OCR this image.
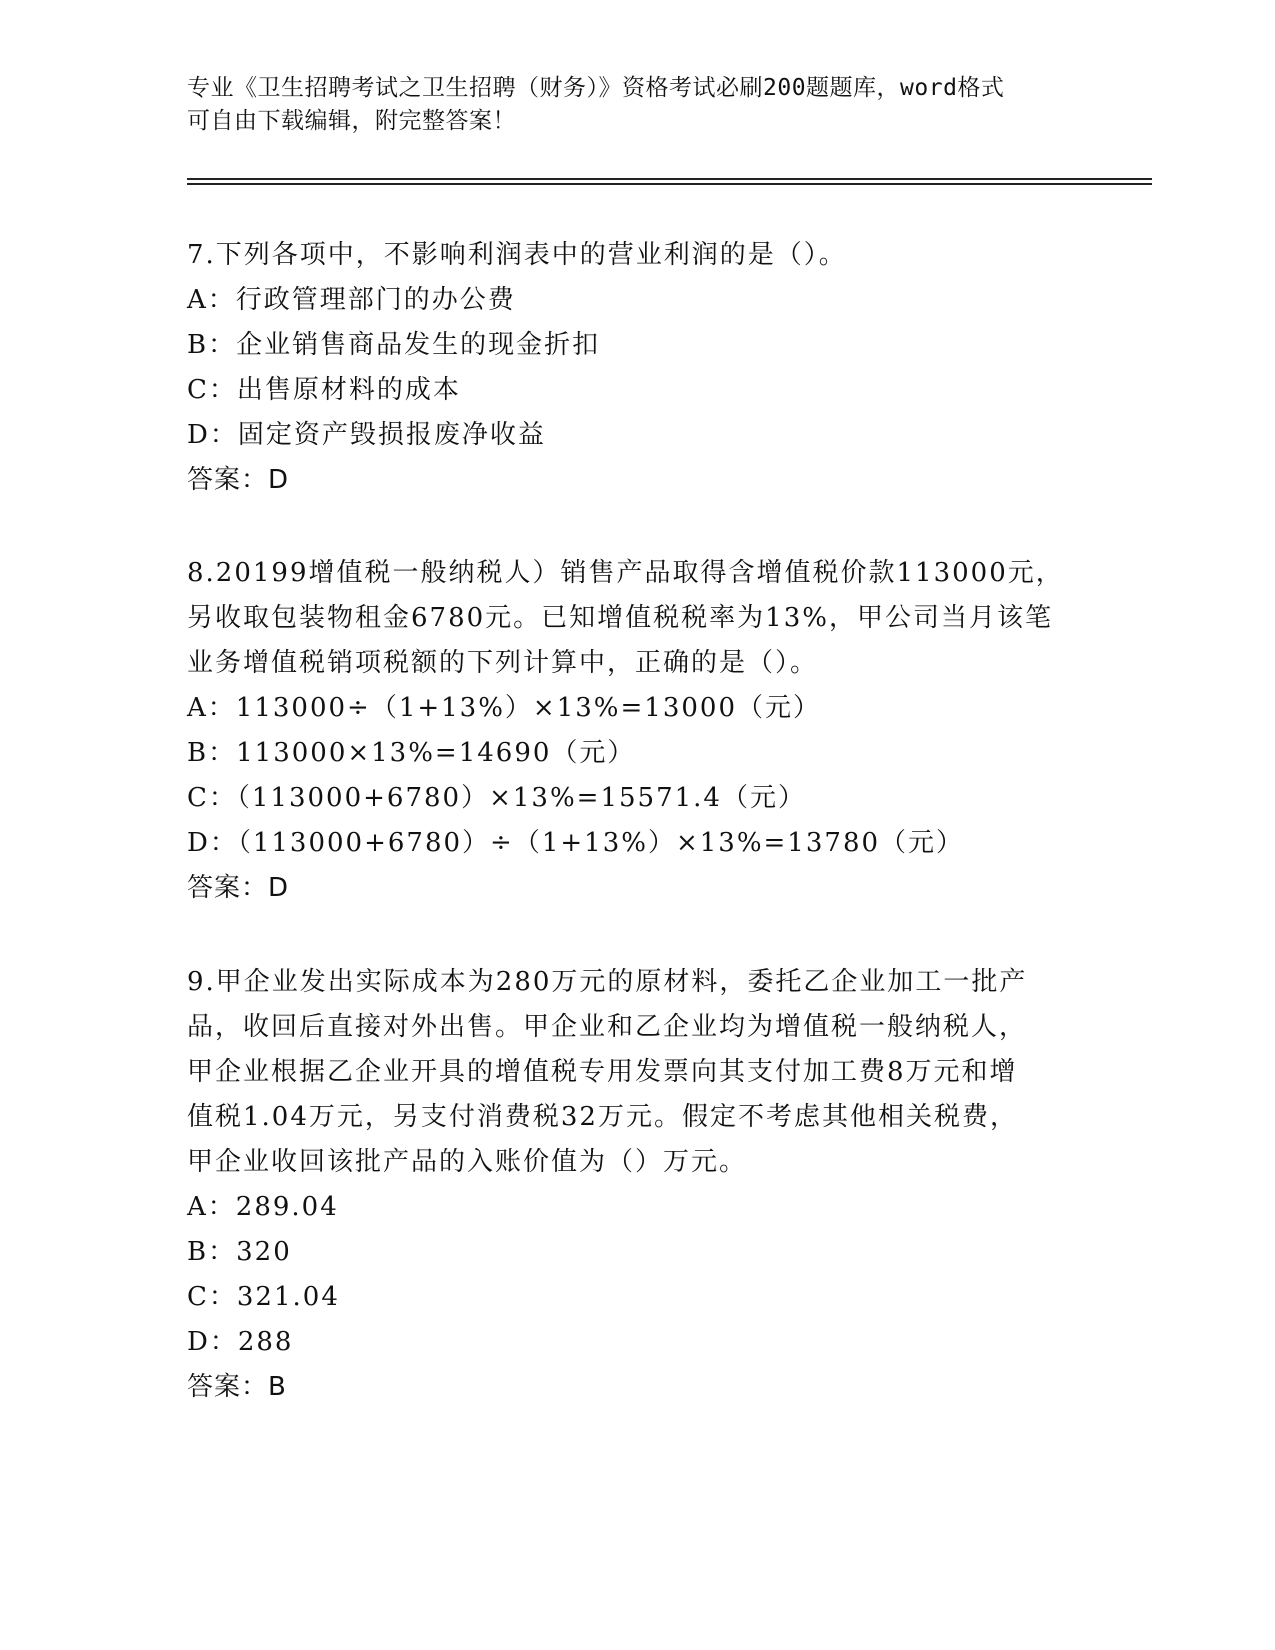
专业《卫生招聘考试之卫生招聘（财务）》资格考试必刷200题题库，word格式
可自由下载编辑，附完整答案！
7.下列各项中，不影响利润表中的营业利润的是（）。
A：行政管理部门的办公费
B：企业销售商品发生的现金折扣
C：出售原材料的成本
D：固定资产毁损报废净收益
答案：D
8.20199增值税一般纳税人）销售产品取得含增值税价款113000元，
另收取包装物租金6780元。已知增值税税率为13%，甲公司当月该笔
业务增值税销项税额的下列计算中，正确的是（）。
A：113000÷（1+13%）×13%=13000（元）
B：113000×13%=14690（元）
C：（113000+6780）×13%=15571.4（元）
D：（113000+6780）÷（1+13%）×13%=13780（元）
答案：D
9.甲企业发出实际成本为280万元的原材料，委托乙企业加工一批产
品，收回后直接对外出售。甲企业和乙企业均为增值税一般纳税人，
甲企业根据乙企业开具的增值税专用发票向其支付加工费8万元和增
值税1.04万元，另支付消费税32万元。假定不考虑其他相关税费，
甲企业收回该批产品的入账价值为（）万元。
A：289.04
B：320
C：321.04
D：288
答案：B
